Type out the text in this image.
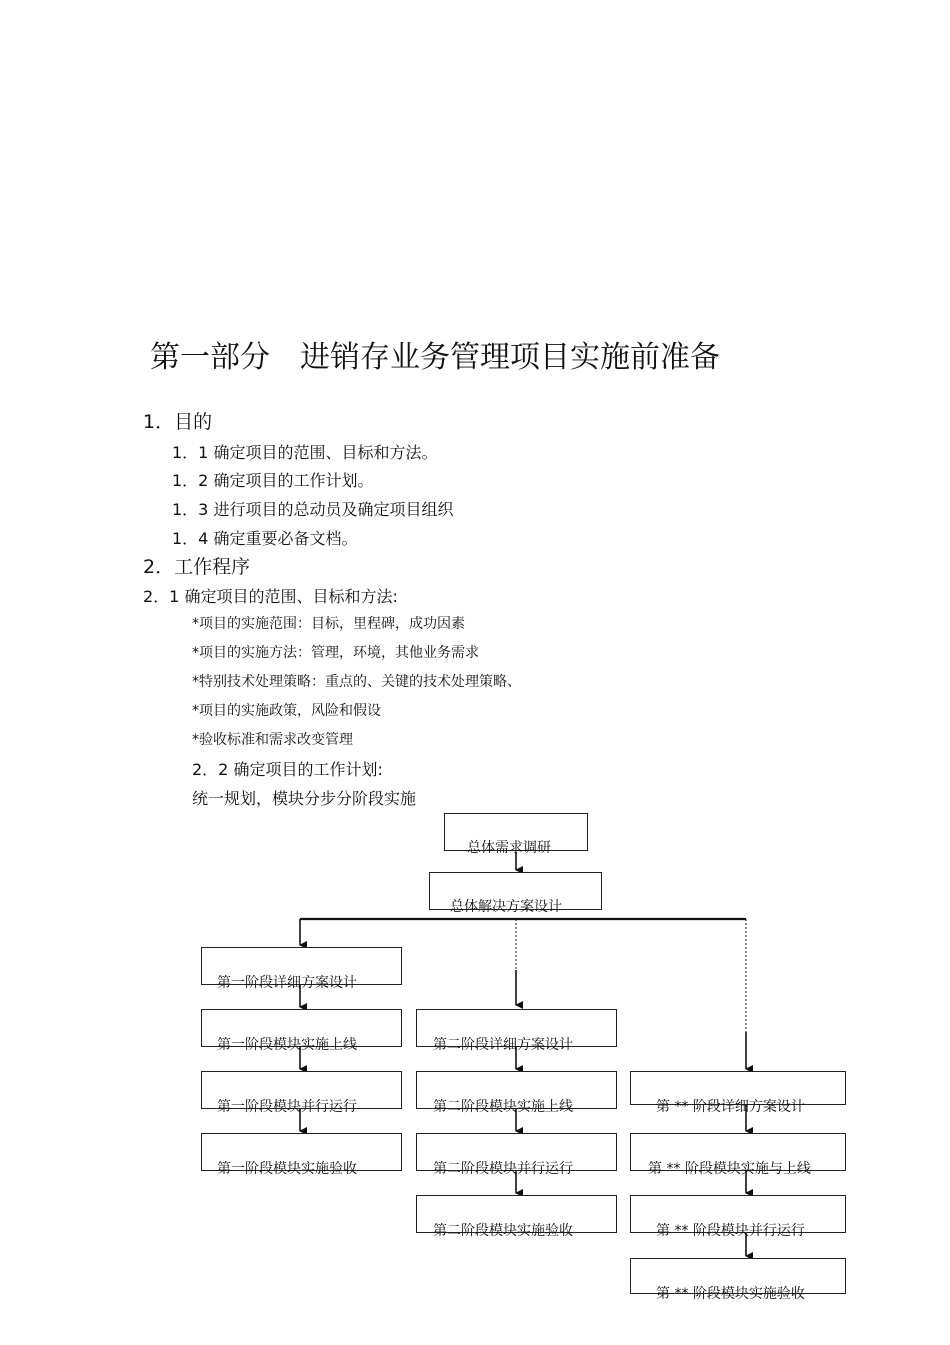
第一部分　进销存业务管理项目实施前准备
1．目的
1．1 确定项目的范围、目标和方法。
1．2 确定项目的工作计划。
1．3 进行项目的总动员及确定项目组织
1．4 确定重要必备文档。
2．工作程序
2．1 确定项目的范围、目标和方法:
*项目的实施范围：目标，里程碑，成功因素
*项目的实施方法：管理，环境，其他业务需求
*特别技术处理策略：重点的、关键的技术处理策略、
*项目的实施政策，风险和假设
*验收标准和需求改变管理
2．2 确定项目的工作计划:
统一规划，模块分步分阶段实施
总体需求调研
总体解决方案设计
第一阶段详细方案设计
第一阶段模块实施上线
第一阶段模块并行运行
第一阶段模块实施验收
第二阶段详细方案设计
第二阶段模块实施上线
第二阶段模块并行运行
第二阶段模块实施验收
第 ** 阶段详细方案设计
第 ** 阶段模块实施与上线
第 ** 阶段模块并行运行
第 ** 阶段模块实施验收
